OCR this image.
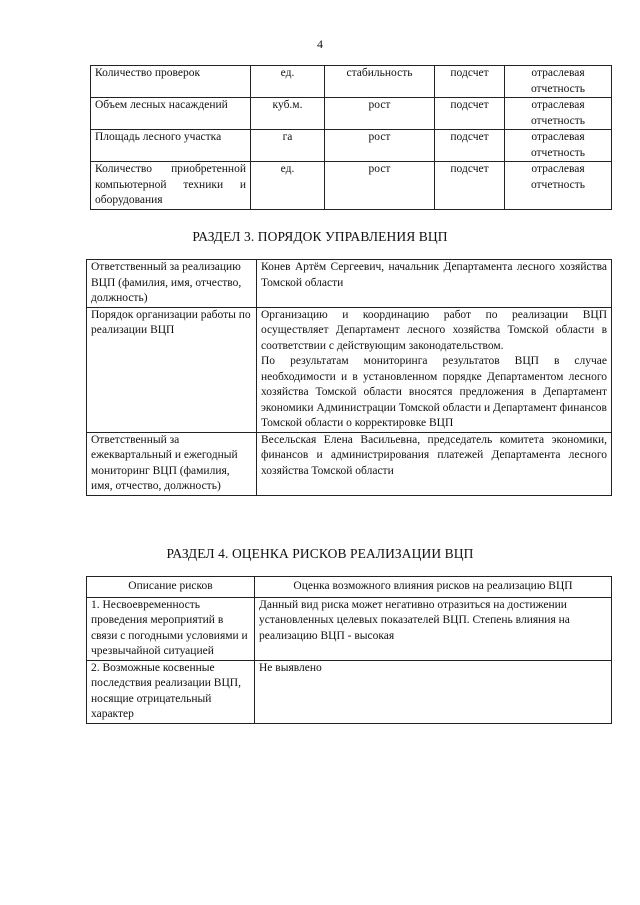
4
Количество проверок	ед.	стабильность	подсчет	отраслевая отчетность
Объем лесных насаждений	куб.м.	рост	подсчет	отраслевая отчетность
Площадь лесного участка	га	рост	подсчет	отраслевая отчетность
Количество приобретенной компьютерной техники и оборудования	ед.	рост	подсчет	отраслевая отчетность
РАЗДЕЛ 3. ПОРЯДОК УПРАВЛЕНИЯ ВЦП
Ответственный за реализацию ВЦП (фамилия, имя, отчество, должность)	Конев Артём Сергеевич, начальник Департамента лесного хозяйства Томской области
Порядок организации работы по реализации ВЦП	Организацию и координацию работ по реализации ВЦП осуществляет Департамент лесного хозяйства Томской области в соответствии с действующим законодательством.

По результатам мониторинга результатов ВЦП в случае необходимости и в установленном порядке Департаментом лесного хозяйства Томской области вносятся предложения в Департамент экономики Администрации Томской области и Департамент финансов Томской области о корректировке ВЦП

Ответственный за ежеквартальный и ежегодный мониторинг ВЦП (фамилия, имя, отчество, должность)	Весельская Елена Васильевна, председатель комитета экономики, финансов и администрирования платежей Департамента лесного хозяйства Томской области
РАЗДЕЛ 4. ОЦЕНКА РИСКОВ РЕАЛИЗАЦИИ ВЦП
Описание рисков	Оценка возможного влияния рисков на реализацию ВЦП
1. Несвоевременность проведения мероприятий в связи с погодными условиями и чрезвычайной ситуацией	Данный вид риска может негативно отразиться на достижении установленных целевых показателей ВЦП. Степень влияния на реализацию ВЦП - высокая
2. Возможные косвенные последствия реализации ВЦП, носящие отрицательный характер	Не выявлено
